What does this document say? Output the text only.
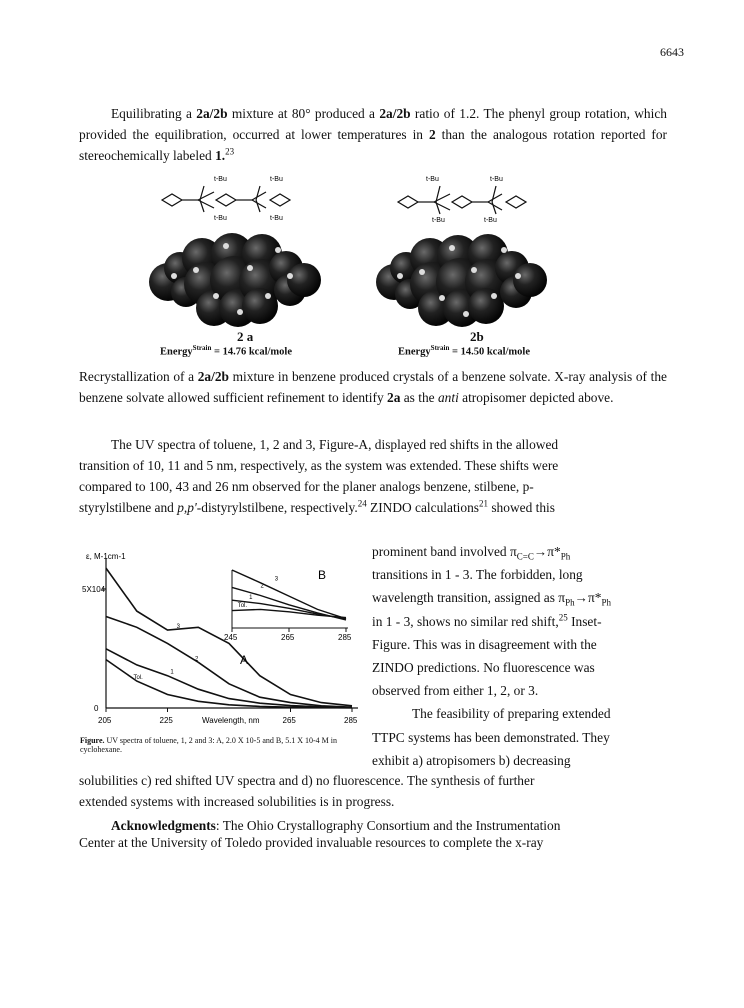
6643
Equilibrating a 2a/2b mixture at 80° produced a 2a/2b ratio of 1.2. The phenyl group rotation, which provided the equilibration, occurred at lower temperatures in 2 than the analogous rotation reported for stereochemically labeled 1.23
t-Bu	t-Bu
t-Bu	t-Bu
t-Bu	t-Bu
t-Bu	t-Bu
2 a	2b
Energy$^{Strain}$ = 14.76 kcal/mole	Energy$^{Strain}$ = 14.50 kcal/mole
Recrystallization of a 2a/2b mixture in benzene produced crystals of a benzene solvate. X-ray analysis of the benzene solvate allowed sufficient refinement to identify 2a as the anti atropisomer depicted above.
The UV spectra of toluene, 1, 2 and 3, Figure-A, displayed red shifts in the allowed
transition of 10, 11 and 5 nm, respectively, as the system was extended. These shifts were
compared to 100, 43 and 26 nm observed for the planer analogs benzene, stilbene, p-
styrylstilbene and p,p'-distyrylstilbene, respectively.$^{24}$ ZINDO calculations$^{21}$ showed this
prominent band involved $\pi_{C=C}\to\pi*_{Ph}$
transitions in 1 - 3. The forbidden, long
wavelength transition, assigned as $\pi_{Ph}\to\pi*_{Ph}$
in 1 - 3, shows no similar red shift,$^{25}$ Inset-
Figure. This was in disagreement with the
ZINDO predictions. No fluorescence was
observed from either 1, 2, or 3.
The feasibility of preparing extended
TTPC systems has been demonstrated. They
exhibit a) atropisomers b) decreasing
ε, M-1cm-1
5X104
0
205	225	265	285
Wavelength, nm
Tol.
1
2
3
A
245	265	285
Tol.
1
2
3	B
Figure. UV spectra of toluene, 1, 2 and 3: A, 2.0 X 10-5 and B, 5.1 X 10-4 M in cyclohexane.
solubilities c) red shifted UV spectra and d) no fluorescence. The synthesis of further
extended systems with increased solubilities is in progress.
Acknowledgments: The Ohio Crystallography Consortium and the Instrumentation
Center at the University of Toledo provided invaluable resources to complete the x-ray
